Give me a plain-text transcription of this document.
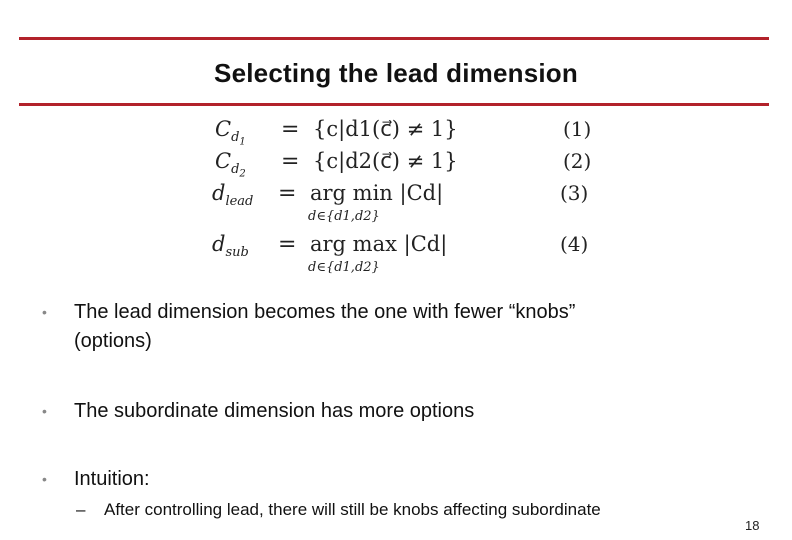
Selecting the lead dimension
$C_{d_1}$
= {c|d1(c⃗) ≠ 1}	(1)
$C_{d_2}$
= {c|d2(c⃗) ≠ 1}	(2)
$d_{lead}$ = arg min |Cd|
d∈{d1,d2}
(3)
$d_{sub}$ = arg max |Cd|
d∈{d1,d2}
(4)
• The lead dimension becomes the one with fewer “knobs”
(options)
• The subordinate dimension has more options
• Intuition:
– After controlling lead, there will still be knobs affecting subordinate
18
